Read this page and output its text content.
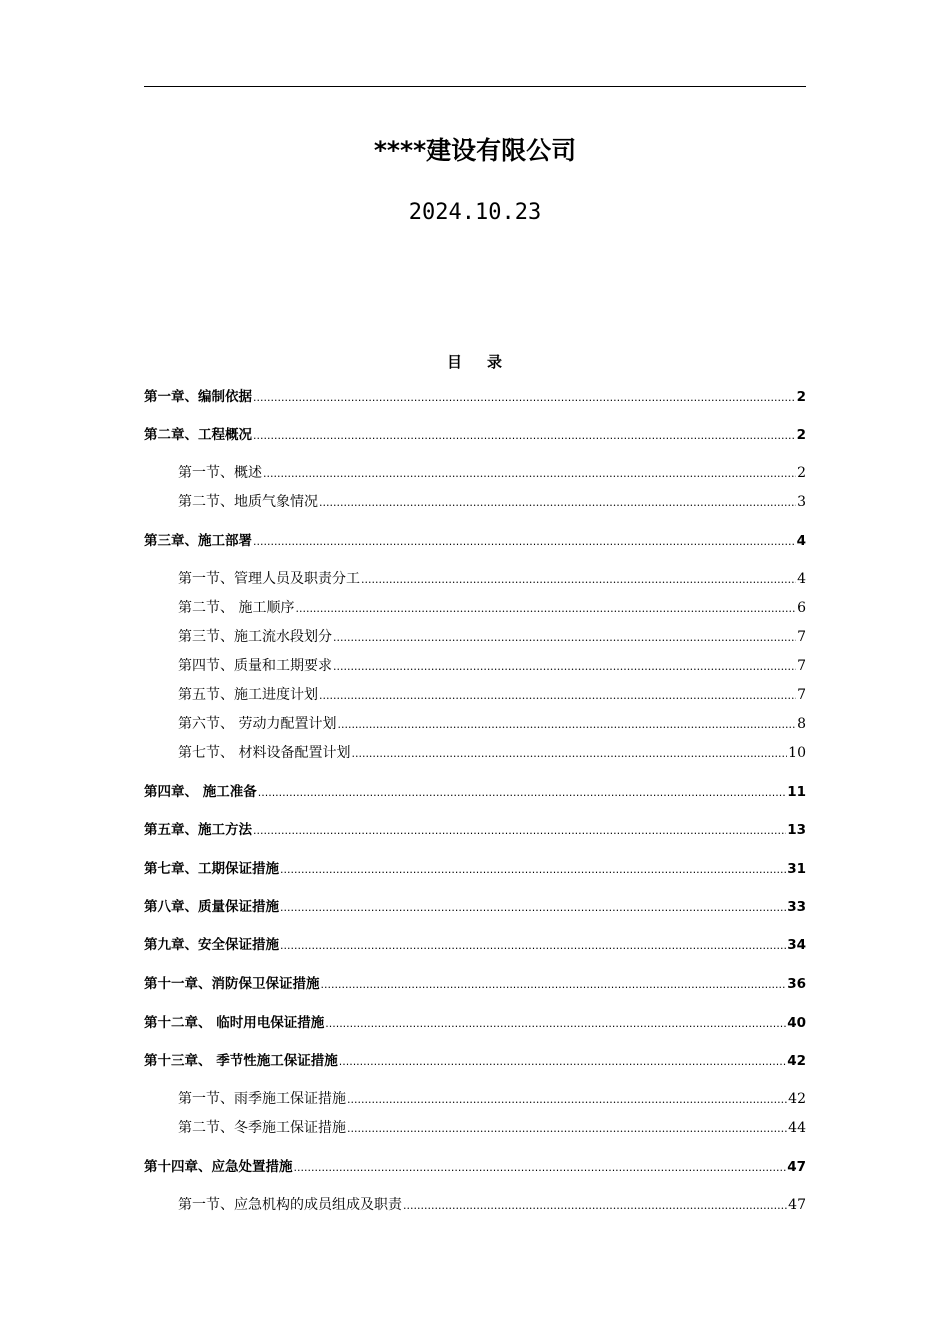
****建设有限公司
2024.10.23
目 录
第一章、编制依据 .....	2
第二章、工程概况 .....	2
第一节、概述 .....	2
第二节、地质气象情况 .....	3
第三章、施工部署 .....	4
第一节、管理人员及职责分工 .....	4
第二节、 施工顺序 .....	6
第三节、施工流水段划分 .....	7
第四节、质量和工期要求 .....	7
第五节、施工进度计划 .....	7
第六节、 劳动力配置计划 .....	8
第七节、 材料设备配置计划 .....	10
第四章、 施工准备 .....	11
第五章、施工方法 .....	13
第七章、工期保证措施 .....	31
第八章、质量保证措施 .....	33
第九章、安全保证措施 .....	34
第十一章、消防保卫保证措施 .....	36
第十二章、 临时用电保证措施 .....	40
第十三章、 季节性施工保证措施 .....	42
第一节、雨季施工保证措施 .....	42
第二节、冬季施工保证措施 .....	44
第十四章、应急处置措施 .....	47
第一节、应急机构的成员组成及职责 .....	47
